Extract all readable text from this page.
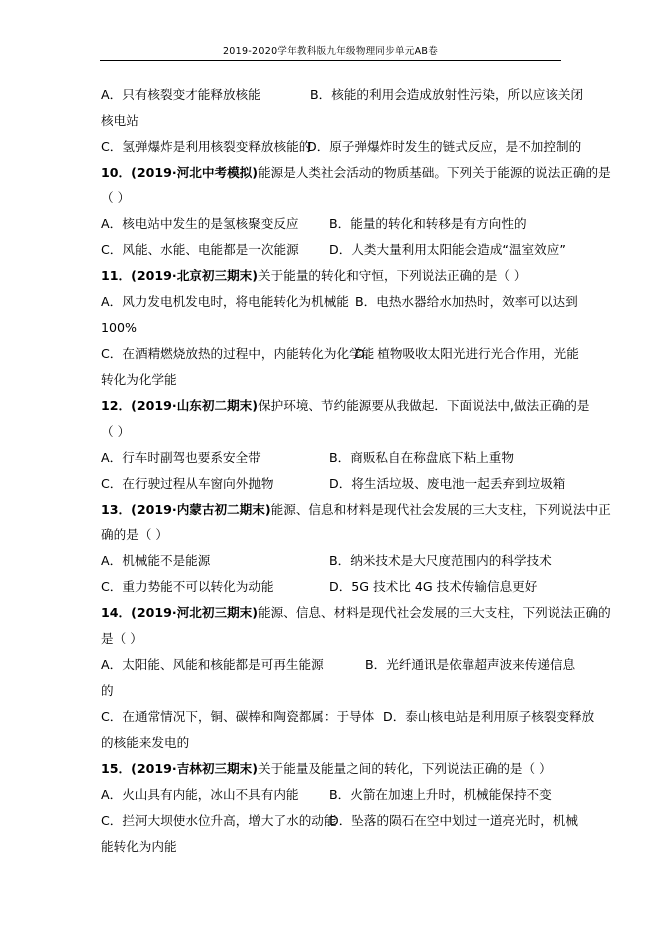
2019-2020学年教科版九年级物理同步单元AB卷
A．只有核裂变才能释放核能	B．核能的利用会造成放射性污染，所以应该关闭
核电站
C．氢弹爆炸是利用核裂变释放核能的
D．原子弹爆炸时发生的链式反应，是不加控制的
10．(2019·河北中考模拟)能源是人类社会活动的物质基础。下列关于能源的说法正确的是
（ ）
A．核电站中发生的是氢核聚变反应 B．能量的转化和转移是有方向性的
C．风能、水能、电能都是一次能源 D．人类大量利用太阳能会造成“温室效应”
11．(2019·北京初三期末)关于能量的转化和守恒，下列说法正确的是（ ）
A．风力发电机发电时，将电能转化为机械能 B．电热水器给水加热时，效率可以达到
100%
C．在酒精燃烧放热的过程中，内能转化为化学能
D．植物吸收太阳光进行光合作用，光能
转化为化学能
12．(2019·山东初二期末)保护环境、节约能源要从我做起．下面说法中,做法正确的是
（ ）
A．行车时副驾也要系安全带	B．商贩私自在称盘底下粘上重物
C．在行驶过程从车窗向外抛物	D．将生活垃圾、废电池一起丢弃到垃圾箱
13．(2019·内蒙古初二期末)能源、信息和材料是现代社会发展的三大支柱，下列说法中正
确的是（ ）
A．机械能不是能源	B．纳米技术是大尺度范围内的科学技术
C．重力势能不可以转化为动能	D．5G 技术比 4G 技术传输信息更好
14．(2019·河北初三期末)能源、信息、材料是现代社会发展的三大支柱，下列说法正确的
是（ ）
A．太阳能、风能和核能都是可再生能源	B．光纤通讯是依靠超声波来传递信息
的
C．在通常情况下，铜、碳棒和陶瓷都属：于导体 D．泰山核电站是利用原子核裂变释放
的核能来发电的
15．(2019·吉林初三期末)关于能量及能量之间的转化，下列说法正确的是（ ）
A．火山具有内能，冰山不具有内能 B．火箭在加速上升时，机械能保持不变
C．拦河大坝使水位升高，增大了水的动能
D．坠落的陨石在空中划过一道亮光时，机械
能转化为内能
